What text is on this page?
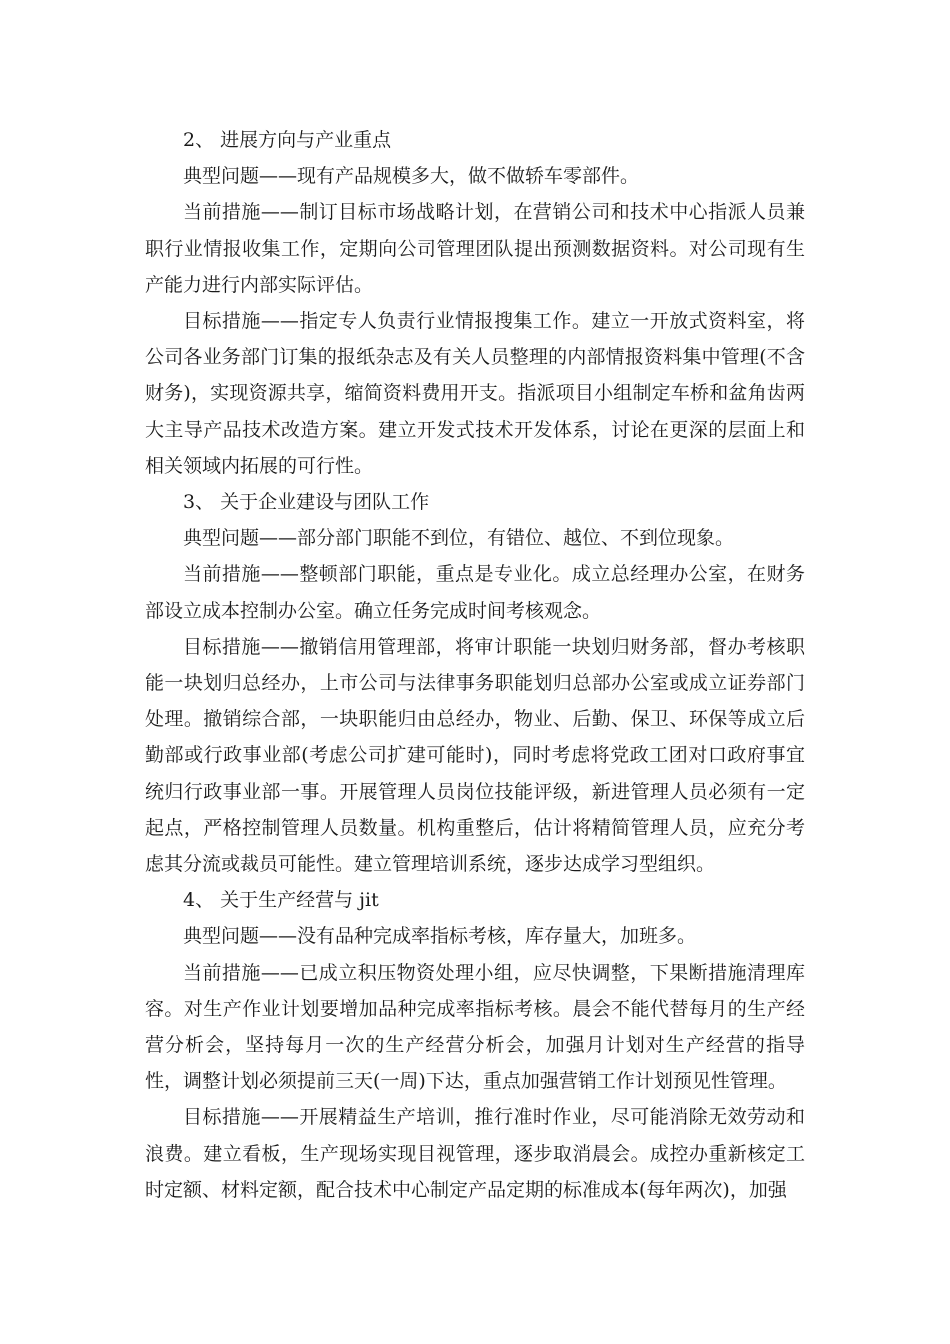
2、 进展方向与产业重点

典型问题——现有产品规模多大，做不做轿车零部件。

当前措施——制订目标市场战略计划，在营销公司和技术中心指派人员兼职行业情报收集工作，定期向公司管理团队提出预测数据资料。对公司现有生产能力进行内部实际评估。

目标措施——指定专人负责行业情报搜集工作。建立一开放式资料室，将公司各业务部门订集的报纸杂志及有关人员整理的内部情报资料集中管理(不含财务)，实现资源共享，缩简资料费用开支。指派项目小组制定车桥和盆角齿两大主导产品技术改造方案。建立开发式技术开发体系，讨论在更深的层面上和相关领域内拓展的可行性。

3、 关于企业建设与团队工作

典型问题——部分部门职能不到位，有错位、越位、不到位现象。

当前措施——整顿部门职能，重点是专业化。成立总经理办公室，在财务部设立成本控制办公室。确立任务完成时间考核观念。

目标措施——撤销信用管理部，将审计职能一块划归财务部，督办考核职能一块划归总经办，上市公司与法律事务职能划归总部办公室或成立证券部门处理。撤销综合部，一块职能归由总经办，物业、后勤、保卫、环保等成立后勤部或行政事业部(考虑公司扩建可能时)，同时考虑将党政工团对口政府事宜统归行政事业部一事。开展管理人员岗位技能评级，新进管理人员必须有一定起点，严格控制管理人员数量。机构重整后，估计将精简管理人员，应充分考虑其分流或裁员可能性。建立管理培训系统，逐步达成学习型组织。

4、 关于生产经营与 jit

典型问题——没有品种完成率指标考核，库存量大，加班多。

当前措施——已成立积压物资处理小组，应尽快调整，下果断措施清理库容。对生产作业计划要增加品种完成率指标考核。晨会不能代替每月的生产经营分析会，坚持每月一次的生产经营分析会，加强月计划对生产经营的指导性，调整计划必须提前三天(一周)下达，重点加强营销工作计划预见性管理。

目标措施——开展精益生产培训，推行准时作业，尽可能消除无效劳动和浪费。建立看板，生产现场实现目视管理，逐步取消晨会。成控办重新核定工时定额、材料定额，配合技术中心制定产品定期的标准成本(每年两次)，加强
